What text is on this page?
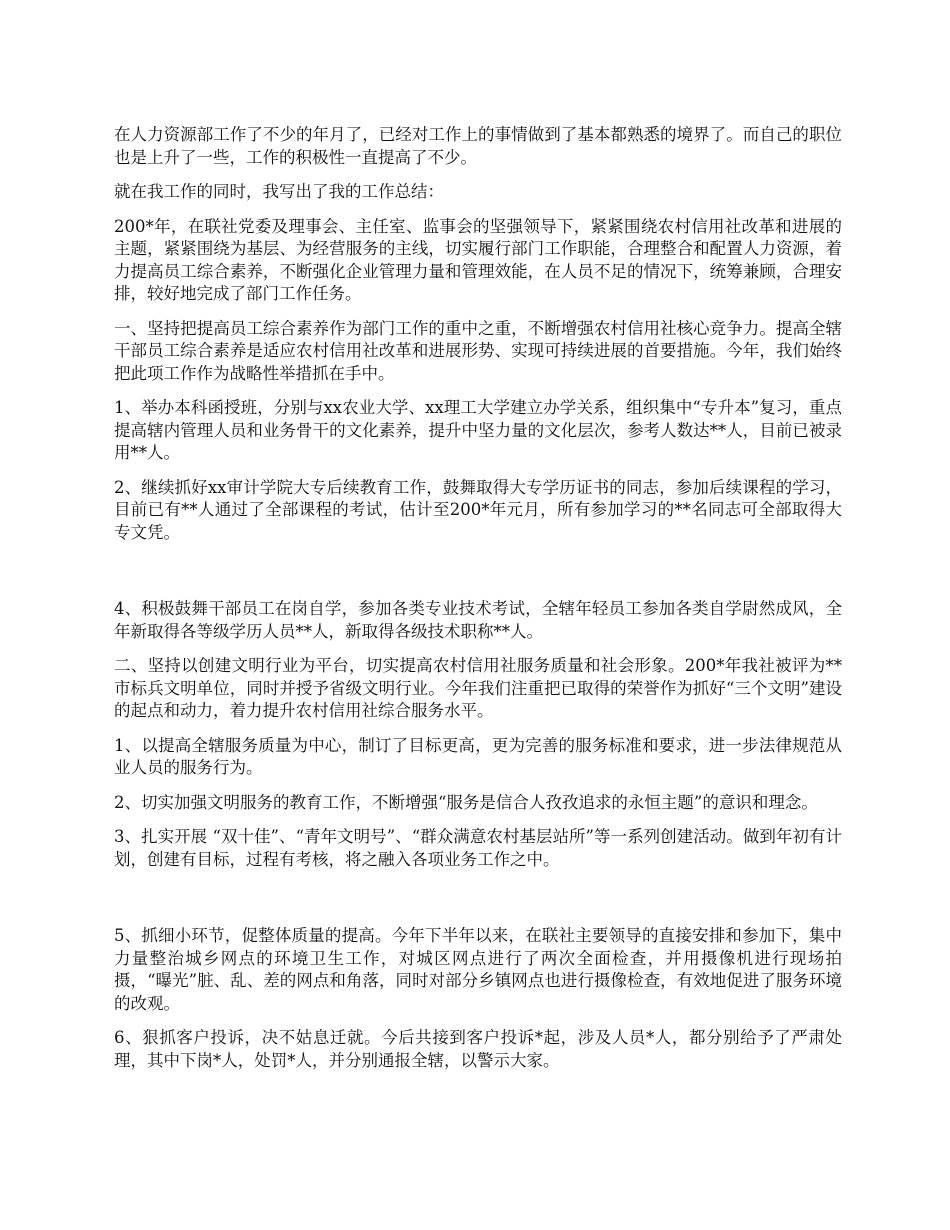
在人力资源部工作了不少的年月了，已经对工作上的事情做到了基本都熟悉的境界了。而自己的职位也是上升了一些，工作的积极性一直提高了不少。

就在我工作的同时，我写出了我的工作总结：

200*年，在联社党委及理事会、主任室、监事会的坚强领导下，紧紧围绕农村信用社改革和进展的主题，紧紧围绕为基层、为经营服务的主线，切实履行部门工作职能，合理整合和配置人力资源，着力提高员工综合素养，不断强化企业管理力量和管理效能，在人员不足的情况下，统筹兼顾，合理安排，较好地完成了部门工作任务。

一、坚持把提高员工综合素养作为部门工作的重中之重，不断增强农村信用社核心竞争力。提高全辖干部员工综合素养是适应农村信用社改革和进展形势、实现可持续进展的首要措施。今年，我们始终把此项工作作为战略性举措抓在手中。

1、举办本科函授班，分别与xx农业大学、xx理工大学建立办学关系，组织集中“专升本”复习，重点提高辖内管理人员和业务骨干的文化素养，提升中坚力量的文化层次，参考人数达**人，目前已被录用**人。

2、继续抓好xx审计学院大专后续教育工作，鼓舞取得大专学历证书的同志，参加后续课程的学习，目前已有**人通过了全部课程的考试，估计至200*年元月，所有参加学习的**名同志可全部取得大专文凭。

4、积极鼓舞干部员工在岗自学，参加各类专业技术考试，全辖年轻员工参加各类自学尉然成风，全年新取得各等级学历人员**人，新取得各级技术职称**人。

二、坚持以创建文明行业为平台，切实提高农村信用社服务质量和社会形象。200*年我社被评为**市标兵文明单位，同时并授予省级文明行业。今年我们注重把已取得的荣誉作为抓好“三个文明”建设的起点和动力，着力提升农村信用社综合服务水平。

1、以提高全辖服务质量为中心，制订了目标更高，更为完善的服务标准和要求，进一步法律规范从业人员的服务行为。

2、切实加强文明服务的教育工作，不断增强“服务是信合人孜孜追求的永恒主题”的意识和理念。

3、扎实开展 “双十佳”、“青年文明号”、“群众满意农村基层站所”等一系列创建活动。做到年初有计划，创建有目标，过程有考核，将之融入各项业务工作之中。

5、抓细小环节，促整体质量的提高。今年下半年以来，在联社主要领导的直接安排和参加下，集中力量整治城乡网点的环境卫生工作，对城区网点进行了两次全面检查，并用摄像机进行现场拍摄，“曝光”脏、乱、差的网点和角落，同时对部分乡镇网点也进行摄像检查，有效地促进了服务环境的改观。

6、狠抓客户投诉，决不姑息迁就。今后共接到客户投诉*起，涉及人员*人，都分别给予了严肃处理，其中下岗*人，处罚*人，并分别通报全辖，以警示大家。
